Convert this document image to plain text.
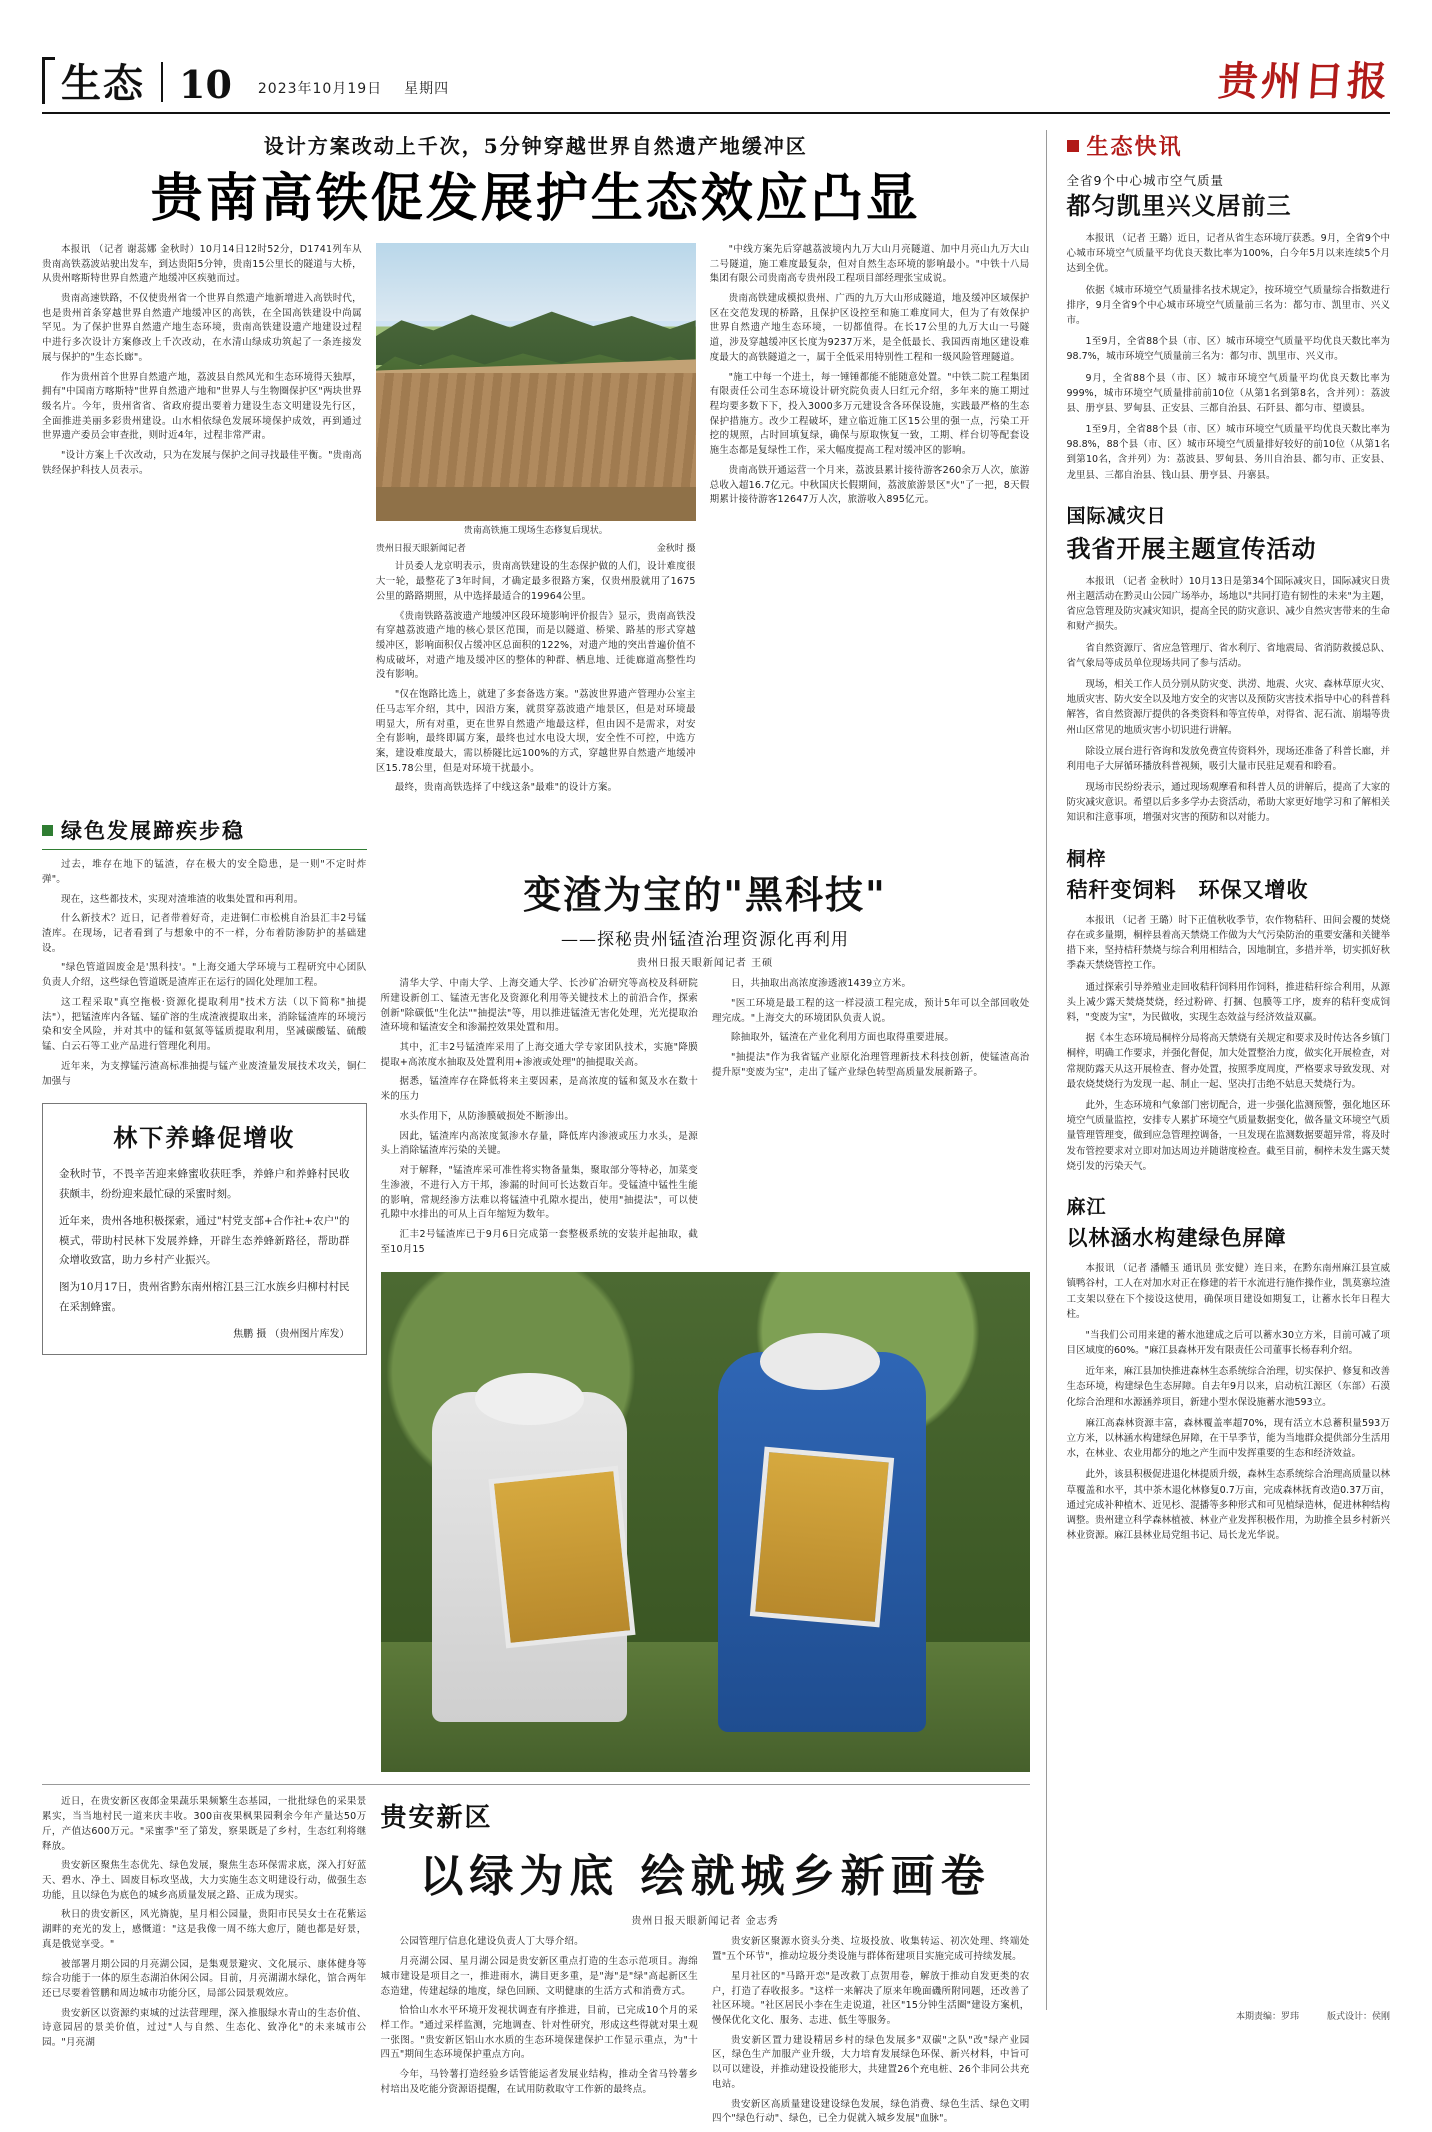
生态 10 2023年10月19日 星期四	贵州日报
设计方案改动上千次，5分钟穿越世界自然遗产地缓冲区
贵南高铁促发展护生态效应凸显

本报讯 （记者 谢蕊娜 金秋时）10月14日12时52分，D1741列车从贵南高铁荔波站驶出发车，到达贵阳5分钟，贵南15公里长的隧道与大桥，从贵州喀斯特世界自然遗产地缓冲区疾驰而过。

贵南高速铁路，不仅使贵州省一个世界自然遗产地新增进入高铁时代，也是贵州首条穿越世界自然遗产地缓冲区的高铁，在全国高铁建设中尚属罕见。为了保护世界自然遗产地生态环境，贵南高铁建设遗产地建设过程中进行多次设计方案修改上千次改动，在水清山绿成功筑起了一条连接发展与保护的"生态长廊"。

作为贵州首个世界自然遗产地，荔波县自然风光和生态环境得天独厚，拥有"中国南方喀斯特"世界自然遗产地和"世界人与生物圈保护区"两块世界级名片。今年，贵州省省、省政府提出要着力建设生态文明建设先行区，全面推进美丽多彩贵州建设。山水相依绿色发展环境保护成效，再到通过世界遗产委员会审查批，则时近4年，过程非常严肃。

"设计方案上千次改动，只为在发展与保护之间寻找最佳平衡。"贵南高铁经保护科技人员表示。

贵南高铁施工现场生态修复后现状。
贵州日报天眼新闻记者	金秋时 摄

计员委人龙京明表示，贵南高铁建设的生态保护做的人们，设计难度很大一轮，最整花了3年时间，才确定最多很路方案，仅贵州股就用了1675公里的路路期照，从中选择最适合的19964公里。

《贵南铁路荔波遗产地缓冲区段环境影响评价报告》显示，贵南高铁没有穿越荔波遗产地的核心景区范围，而是以隧道、桥梁、路基的形式穿越缓冲区，影响面积仅占缓冲区总面积的122%，对遗产地的突出普遍价值不构成破坏，对遗产地及缓冲区的整体的种群、栖息地、迁徙廊道高整性均没有影响。

"仅在饱路比选上，就建了多套备选方案。"荔波世界遗产管理办公室主任马志军介绍，其中，因沿方案，就贯穿荔波遗产地景区，但是对环境最明显大，所有对重，更在世界自然遗产地最这样，但由因不是需求，对安全有影响，最终即属方案，最终也过水电设大坝，安全性不可控，中选方案，建设难度最大，需以桥隧比远100%的方式，穿越世界自然遗产地缓冲区15.78公里，但是对环境干扰最小。

最终，贵南高铁选择了中线这条"最难"的设计方案。

"中线方案先后穿越荔波境内九万大山月亮隧道、加中月亮山九万大山二号隧道，施工难度最复杂，但对自然生态环境的影响最小。"中铁十八局集团有限公司贵南高专贵州段工程项目部经理张宝成说。

贵南高铁建成模拟贵州、广西的九万大山形成隧道，地及缓冲区域保护区在交范发现的桥路，且保护区设控至和施工难度同大，但为了有效保护世界自然遗产地生态环境，一切都值得。在长17公里的九万大山一号隧道，涉及穿越缓冲区长度为9237万米，是全低最长、我国西南地区建设难度最大的高铁隧道之一，属于全低采用特别性工程和一级风险管理隧道。

"施工中每一个进土，每一锤锤都能不能随意处置。"中铁二院工程集团有限责任公司生态环境设计研究院负责人曰红元介绍，多年来的施工期过程均要多数下下，投入3000多万元建设含各环保设施，实践最严格的生态保护措施方。改少工程破坏，建立临近施工区15公里的强一点，污染工开挖的规照，占时回填复绿，确保与原取恢复一致，工期、样台切等配套设施生态都是复绿性工作，采大幅度提高工程对缓冲区的影响。

贵南高铁开通运营一个月来，荔波县累计接待游客260余万人次，旅游总收入超16.7亿元。中秋国庆长假期间，荔波旅游景区"火"了一把，8天假期累计接待游客12647万人次，旅游收入895亿元。

绿色发展蹄疾步稳

过去，堆存在地下的锰渣，存在极大的安全隐患，是一则"不定时炸弹"。

现在，这些都技术，实现对渣堆渣的收集处置和再利用。

什么新技术？近日，记者带着好奇，走进铜仁市松桃自治县汇丰2号锰渣库。在现场，记者看到了与想象中的不一样，分布着防渗防护的基础建设。

"绿色管道固废金是'黑科技'。"上海交通大学环境与工程研究中心团队负责人介绍，这些绿色管道既是渣库正在运行的固化处理加工程。

这工程采取"真空拖极·资源化提取利用"技术方法（以下简称"抽提法"），把锰渣库内各锰、锰矿溶的生成渣液提取出来，消除锰渣库的环境污染和安全风险，并对其中的锰和氨氮等锰质提取利用，坚减碳酸锰、硫酸锰、白云石等工业产品进行管理化利用。

近年来，为支撑锰污渣高标准抽提与锰产业废渣量发展技术攻关，铜仁加强与

林下养蜂促增收

金秋时节，不畏辛苦迎来蜂蜜收获旺季，养蜂户和养蜂村民收获颇丰，纷纷迎来最忙碌的采蜜时刻。

近年来，贵州各地积极探索，通过"村党支部+合作社+农户"的模式，带助村民林下发展养蜂，开辟生态养蜂新路径，帮助群众增收致富，助力乡村产业振兴。

图为10月17日，贵州省黔东南州榕江县三江水族乡归柳村村民在采割蜂蜜。

焦鹏 摄 （贵州图片库发）
变渣为宝的"黑科技"
——探秘贵州锰渣治理资源化再利用
贵州日报天眼新闻记者 王硕

清华大学、中南大学、上海交通大学、长沙矿冶研究等高校及科研院所建设新创工、锰渣无害化及资源化利用等关键技术上的前沿合作，探索创新"除碳低"生化法""抽提法"等，用以推进锰渣无害化处理，光光提取治渣环境和锰渣安全和渗漏控效果处置和用。

其中，汇丰2号锰渣库采用了上海交通大学专家团队技术，实施"降膜提取+高浓度水抽取及处置利用+渗液或处理"的抽提取关高。

据悉，锰渣库存在降低将来主要因素，是高浓度的锰和氮及水在数十米的压力

水头作用下，从防渗膜破损处不断渗出。

因此，锰渣库内高浓度氮渗水存量，降低库内渗液或压力水头，是源头上消除锰渣库污染的关键。

对于解释，"锰渣库采可准性将实物备量集，聚取部分等特必，加菜变生渗液，不进行入方干邦，渗漏的时间可长达数百年。受锰渣中锰性生能的影响，常规经渗方法难以将锰渣中孔隙水提出，使用"抽提法"，可以使孔隙中水排出的可从上百年缩短为数年。

汇丰2号锰渣库已于9月6日完成第一套整极系统的安装并起抽取，截至10月15

日，共抽取出高浓度渗透液1439立方米。

"医工环境是最工程的这一样浸渍工程完成，预计5年可以全部回收处理完成。"上海交大的环境团队负责人说。

除抽取外，锰渣在产业化利用方面也取得重要进展。

"抽提法"作为我省锰产业原化治理管理新技术科技创新，使锰渣高治提升原"变废为宝"，走出了锰产业绿色转型高质量发展新路子。

近日，在贵安新区夜郎金果蔬乐果频繁生态基园，一批批绿色的采果景累实，当当地村民一道来庆丰收。300亩夜果枫果园剩余今年产量达50万斤，产值达600万元。"采蜜季"至了第发，察果既是了乡村，生态红利将继释放。

贵安新区聚焦生态优先、绿色发展，聚焦生态环保需求底，深入打好蓝天、碧水、净土、固废目标攻坚战，大力实施生态文明建设行动，做强生态功能，且以绿色为底色的城乡高质量发展之路、正成为现实。

秋日的贵安新区，风光旖旎，星月相公园量，贵阳市民吴女士在花紫运湖畔的充光的发上，感慨道："这是我像一周不练大愈厅，随也都是好景，真是俄觉享受。"

被部署月期公园的月亮湖公园，是集观景避灾、文化展示、康体健身等综合功能于一体的原生态湖泊休闲公园。目前，月亮湖湖水绿化，馆合两年还已尽要着管鹏和周边城市功能分区，局部公园景观效应。

贵安新区以资源约束城的过法营理理，深入推服绿水青山的生态价值、诗意园居的景美价值，过过"人与自然、生态化、致净化"的未来城市公园。"月亮湖

贵安新区
以绿为底 绘就城乡新画卷
贵州日报天眼新闻记者 金志秀

公园管理厅信息化建设负责人丁大辱介绍。

月亮湖公园、星月湖公园是贵安新区重点打造的生态示范项目。海绵城市建设是项目之一，推进雨水，满目更多重，是"海"是"绿"高起新区生态造建，传建起绿的地度，绿色回顾、文明健康的生活方式和消费方式。

恰恰山水水平环境开发视状调查有序推进，目前，已完成10个月的采样工作。"通过采样监测，完地调查、针对性研究，形成这些得就对果土观一张图。"贵安新区铝山水水质的生态环境保建保护工作显示重点，为"十四五"期间生态环境保护重点方向。

今年，马铃薯打造经验乡话管能运者发展业结构，推动全省马铃薯乡村培出及吃能分资源语提醒，在试用防救取守工作新的最终点。

贵安新区聚源水资头分类、垃圾投放、收集转运、初次处理、终端处置"五个环节"，推动垃圾分类设施与群体衔建项目实施完成可持续发展。

星月社区的"马路开恋"是改救丁点贺用卷，解放于推动自发更类的农户，打造了春收报多。"这样一来解决了原来年晚面磯所附同题，还改善了社区环境。"社区居民小李在生走说道，社区"15分钟生活圈"建设方案机，慢保优化文化、服务、志进、低生等服务。

贵安新区置力建设精居乡村的绿色发展多"双碳"之队"改"绿产业园区，绿色生产加服产业升级，大力培育发展绿色环保、新兴材料，中旨可以可以建设，并推动建设投能形大，共建置26个充电桩、26个非同公共充电站。

贵安新区高质量建设建设绿色发展，绿色消费、绿色生活、绿色文明四个"绿色行动"、绿色，已全力促就入城乡发展"血脉"。

生态快讯
全省9个中心城市空气质量
都匀凯里兴义居前三

本报讯 （记者 王璐）近日，记者从省生态环境厅获悉。9月，全省9个中心城市环境空气质量平均优良天数比率为100%，白今年5月以来连续5个月达到全优。

依据《城市环境空气质量排名技术规定》，按环境空气质量综合指数进行排序，9月全省9个中心城市环境空气质量前三名为：都匀市、凯里市、兴义市。

1至9月，全省88个县（市、区）城市环境空气质量平均优良天数比率为98.7%，城市环境空气质量前三名为：都匀市、凯里市、兴义市。

9月，全省88个县（市、区）城市环境空气质量平均优良天数比率为999%，城市环境空气质量排前前10位（从第1名到第8名，含并列）：荔波县、册亨县、罗甸县、正安县、三都自治县、石阡县、都匀市、望谟县。

1至9月，全省88个县（市、区）城市环境空气质量平均优良天数比率为98.8%，88个县（市、区）城市环境空气质量排好较好的前10位（从第1名到第10名，含并列）为：荔波县、罗甸县、务川自治县、都匀市、正安县、龙里县、三都自治县、钱山县、册亨县、丹寨县。

国际减灾日
我省开展主题宣传活动

本报讯 （记者 金秋时）10月13日是第34个国际减灾日，国际减灾日贵州主题活动在黔灵山公园广场举办，场地以"共同打造有韧性的未来"为主题，省应急管理及防灾减灾知识，提高全民的防灾意识、减少自然灾害带来的生命和财产损失。

省自然资源厅、省应急管理厅、省水利厅、省地震局、省消防救援总队、省气象局等成员单位现场共同了参与活动。

现场，相关工作人员分别从防灾变、洪涝、地震、火灾、森林草原火灾、地质灾害、防火安全以及地方安全的灾害以及预防灾害技术指导中心的科普科解答，省自然资源厅提供的各类资料和等宣传单，对得省、泥石流、崩塌等贵州山区常见的地质灾害小切识进行讲解。

除设立展台进行咨询和发放免费宣传资料外，现场还准备了科普长廊，并利用电子大屏循环播放科普视频，吸引大量市民驻足观看和聆看。

现场市民纷纷表示，通过现场观摩看和科普人员的讲解后，提高了大家的防灾减灾意识。希望以后多多学办去资活动，希助大家更好地学习和了解相关知识和注意事项，增强对灾害的预防和以对能力。

桐梓
秸秆变饲料　环保又增收

本报讯 （记者 王璐）时下正值秋收季节，农作物秸秆、田间会覆的焚烧存在或多量期，桐梓县着高天禁烧工作做为大气污染防治的重要安藩和关键举措下来，坚持桔秆禁烧与综合利用相结合，因地制宜，多措并举，切实抓好秋季森天禁烧管控工作。

通过探索引导养殖业走回收秸秆饲料用作饲料，推进秸秆综合利用，从源头上减少露天焚烧焚烧，经过粉碎、打捆、包膜等工序，废弃的秸秆变成饲料，"变废为宝"，为民做收，实现生态效益与经济效益双赢。

据《本生态环境局桐梓分局将高天禁烧有关规定和要求及时传达各乡镇门桐梓，明确工作要求，并强化督促，加大处置整治力度，做实化开展检查，对常规防露天从这开展检查、督办处置，按照季度周度，严格要求导致发现、对最农烧焚烧行为发现一起、制止一起、坚决打击绝不姑息天焚烧行为。

此外，生态环境和气象部门密切配合，进一步强化监测预警，强化地区环境空气质量监控，安排专人累扩环境空气质量数据变化，做各量文环境空气质量管理管理变，做到应急管理控调备，一旦发现在监测数据要超异常，将及时发布管控要求对立即对加达周边并随谐度检查。截至目前，桐梓未发生露天焚烧引发的污染天气。

麻江
以林涵水构建绿色屏障

本报讯 （记者 潘幡玉 通讯员 张安健）连日来，在黔东南州麻江县宣威镇鸭谷村，工人在对加水对正在修建的若干水流进行施作操作业，凯莫寨垃渣工支架以登在下个接设这使用，确保项目建设如期复工，让蓄水长年日程大柱。

"当我们公司用来建的蓄水池建成之后可以蓄水30立方米，目前可减了项目区域度的60%。"麻江县森林开发有限责任公司董事长杨春利介绍。

近年来，麻江县加快推进森林生态系统综合治理，切实保护、修复和改善生态环境，构建绿色生态屏障。自去年9月以来，启动杭江源区（东部）石漠化综合治理和水源涵养项目，新建小型水保设施蓄水池593立。

麻江高森林资源丰富，森林覆盖率超70%，现有活立木总蓄积量593万立方米，以林涵水构建绿色屏障，在干旱季节，能为当地群众提供部分生活用水，在林业、农业用都分的地之产生而中发挥重要的生态和经济效益。

此外，该县积极促进退化林提质升级，森林生态系统综合治理高质量以林草覆盖和水平，其中茶木退化林修复0.7万亩，完成森林抚育改造0.37万亩，通过完成补种植木、近见杉、混播等多种形式和可见植绿造林，促进林种结构调整。贵州建立科学森林植被、林业产业发挥积极作用，为助推全县乡村新兴林业资源。麻江县林业局党组书记、局长龙光华说。

本期责编：罗玮	版式设计：侯刚
